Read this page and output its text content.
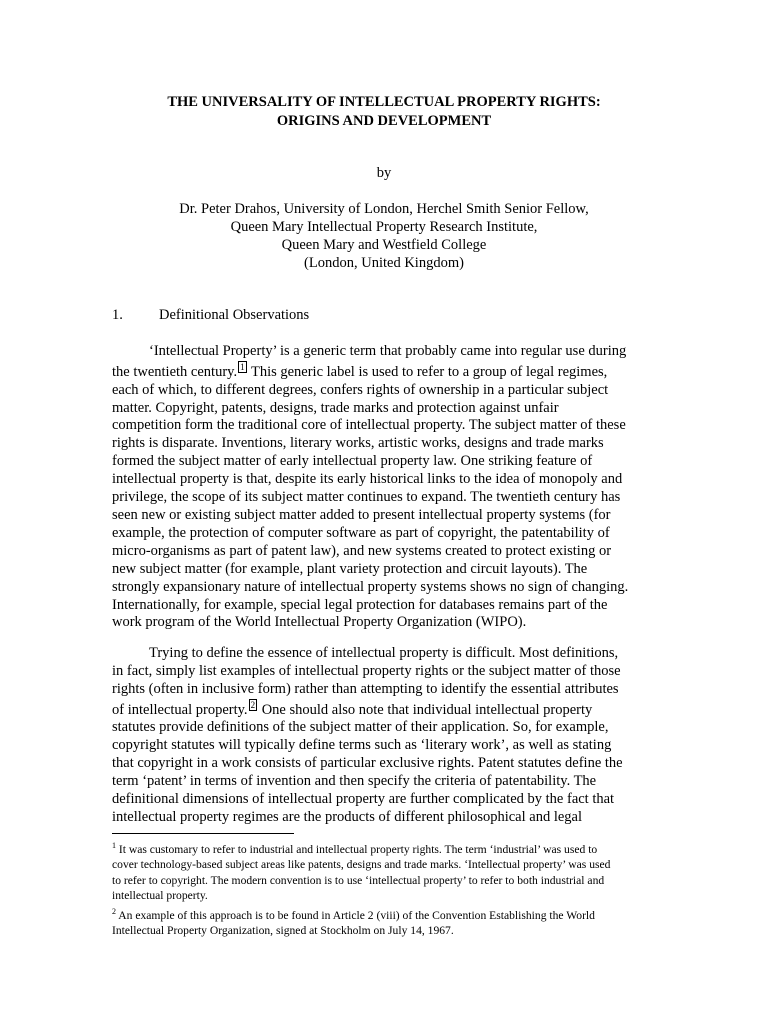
THE UNIVERSALITY OF INTELLECTUAL PROPERTY RIGHTS:
ORIGINS AND DEVELOPMENT
by
Dr. Peter Drahos, University of London, Herchel Smith Senior Fellow,
Queen Mary Intellectual Property Research Institute,
Queen Mary and Westfield College
(London, United Kingdom)
1. Definitional Observations
‘Intellectual Property’ is a generic term that probably came into regular use during
the twentieth century. 1 This generic label is used to refer to a group of legal regimes,
each of which, to different degrees, confers rights of ownership in a particular subject
matter. Copyright, patents, designs, trade marks and protection against unfair
competition form the traditional core of intellectual property. The subject matter of these
rights is disparate. Inventions, literary works, artistic works, designs and trade marks
formed the subject matter of early intellectual property law. One striking feature of
intellectual property is that, despite its early historical links to the idea of monopoly and
privilege, the scope of its subject matter continues to expand. The twentieth century has
seen new or existing subject matter added to present intellectual property systems (for
example, the protection of computer software as part of copyright, the patentability of
micro-organisms as part of patent law), and new systems created to protect existing or
new subject matter (for example, plant variety protection and circuit layouts). The
strongly expansionary nature of intellectual property systems shows no sign of changing.
Internationally, for example, special legal protection for databases remains part of the
work program of the World Intellectual Property Organization (WIPO).
Trying to define the essence of intellectual property is difficult. Most definitions,
in fact, simply list examples of intellectual property rights or the subject matter of those
rights (often in inclusive form) rather than attempting to identify the essential attributes
of intellectual property. 2 One should also note that individual intellectual property
statutes provide definitions of the subject matter of their application. So, for example,
copyright statutes will typically define terms such as ‘literary work’, as well as stating
that copyright in a work consists of particular exclusive rights. Patent statutes define the
term ‘patent’ in terms of invention and then specify the criteria of patentability. The
definitional dimensions of intellectual property are further complicated by the fact that
intellectual property regimes are the products of different philosophical and legal
$^1$ It was customary to refer to industrial and intellectual property rights. The term ‘industrial’ was used to
cover technology-based subject areas like patents, designs and trade marks. ‘Intellectual property’ was used
to refer to copyright. The modern convention is to use ‘intellectual property’ to refer to both industrial and
intellectual property.
$^2$ An example of this approach is to be found in Article 2 (viii) of the Convention Establishing the World
Intellectual Property Organization, signed at Stockholm on July 14, 1967.
